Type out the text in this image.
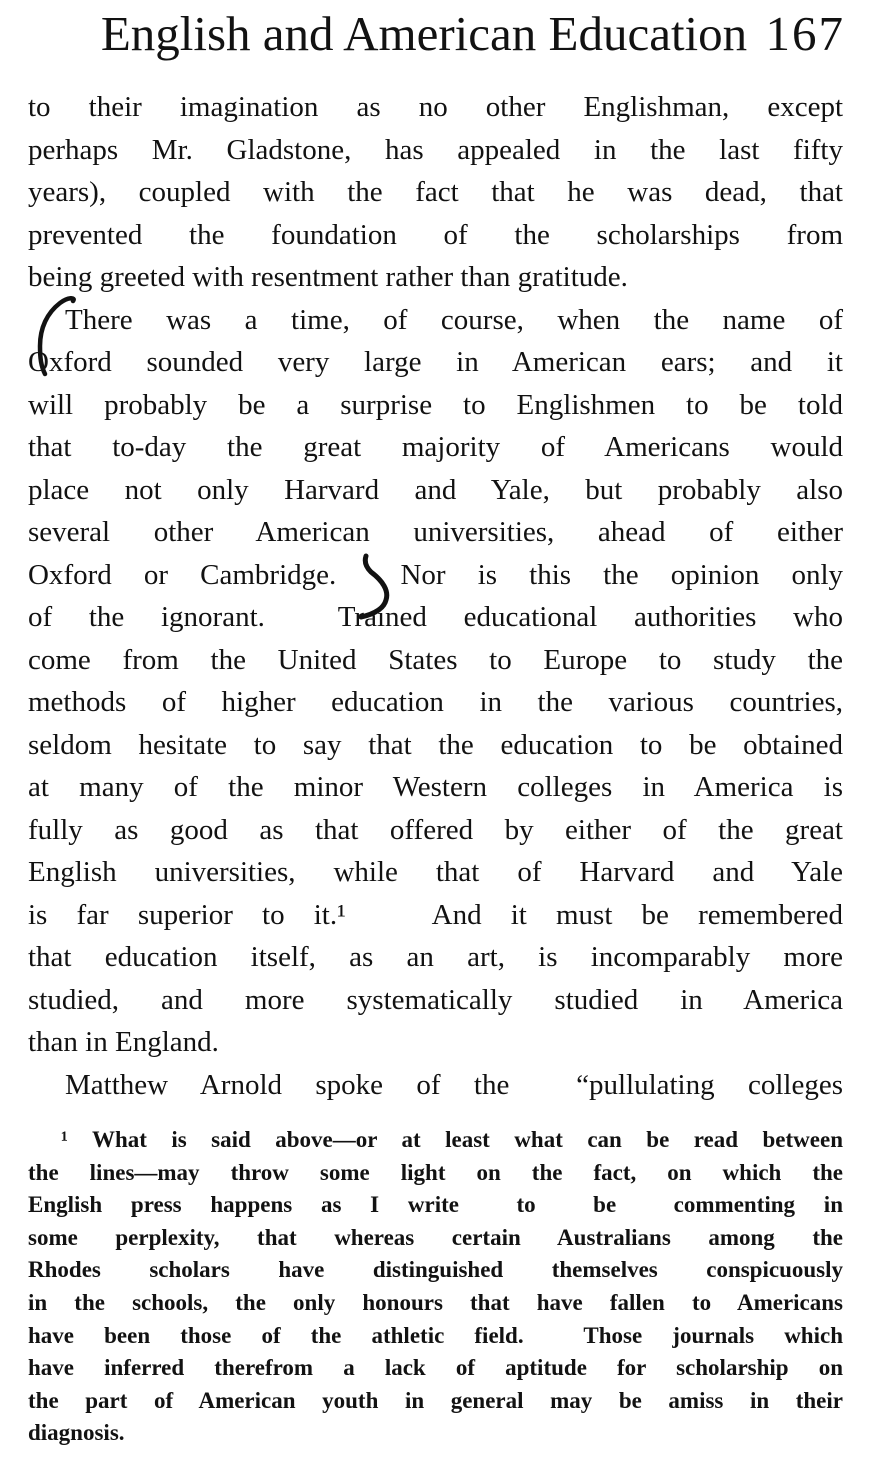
English and American Education 167
to their imagination as no other Englishman, except
perhaps Mr. Gladstone, has appealed in the last fifty
years), coupled with the fact that he was dead, that
prevented the foundation of the scholarships from
being greeted with resentment rather than gratitude.
There was a time, of course, when the name of
Oxford sounded very large in American ears; and it
will probably be a surprise to Englishmen to be told
that to-day the great majority of Americans would
place not only Harvard and Yale, but probably also
several other American universities, ahead of either
Oxford or Cambridge.  Nor is this the opinion only
of the ignorant.  Trained educational authorities who
come from the United States to Europe to study the
methods of higher education in the various countries,
seldom hesitate to say that the education to be obtained
at many of the minor Western colleges in America is
fully as good as that offered by either of the great
English universities, while that of Harvard and Yale
is far superior to it.¹   And it must be remembered
that education itself, as an art, is incomparably more
studied, and more systematically studied in America
than in England.
Matthew Arnold spoke of the  “pullulating colleges
¹ What is said above—or at least what can be read between
the lines—may throw some light on the fact, on which the
English press happens as I write  to  be  commenting in
some perplexity, that whereas certain Australians among the
Rhodes scholars have distinguished themselves conspicuously
in the schools, the only honours that have fallen to Americans
have been those of the athletic field.  Those journals which
have inferred therefrom a lack of aptitude for scholarship on
the part of American youth in general may be amiss in their
diagnosis.
